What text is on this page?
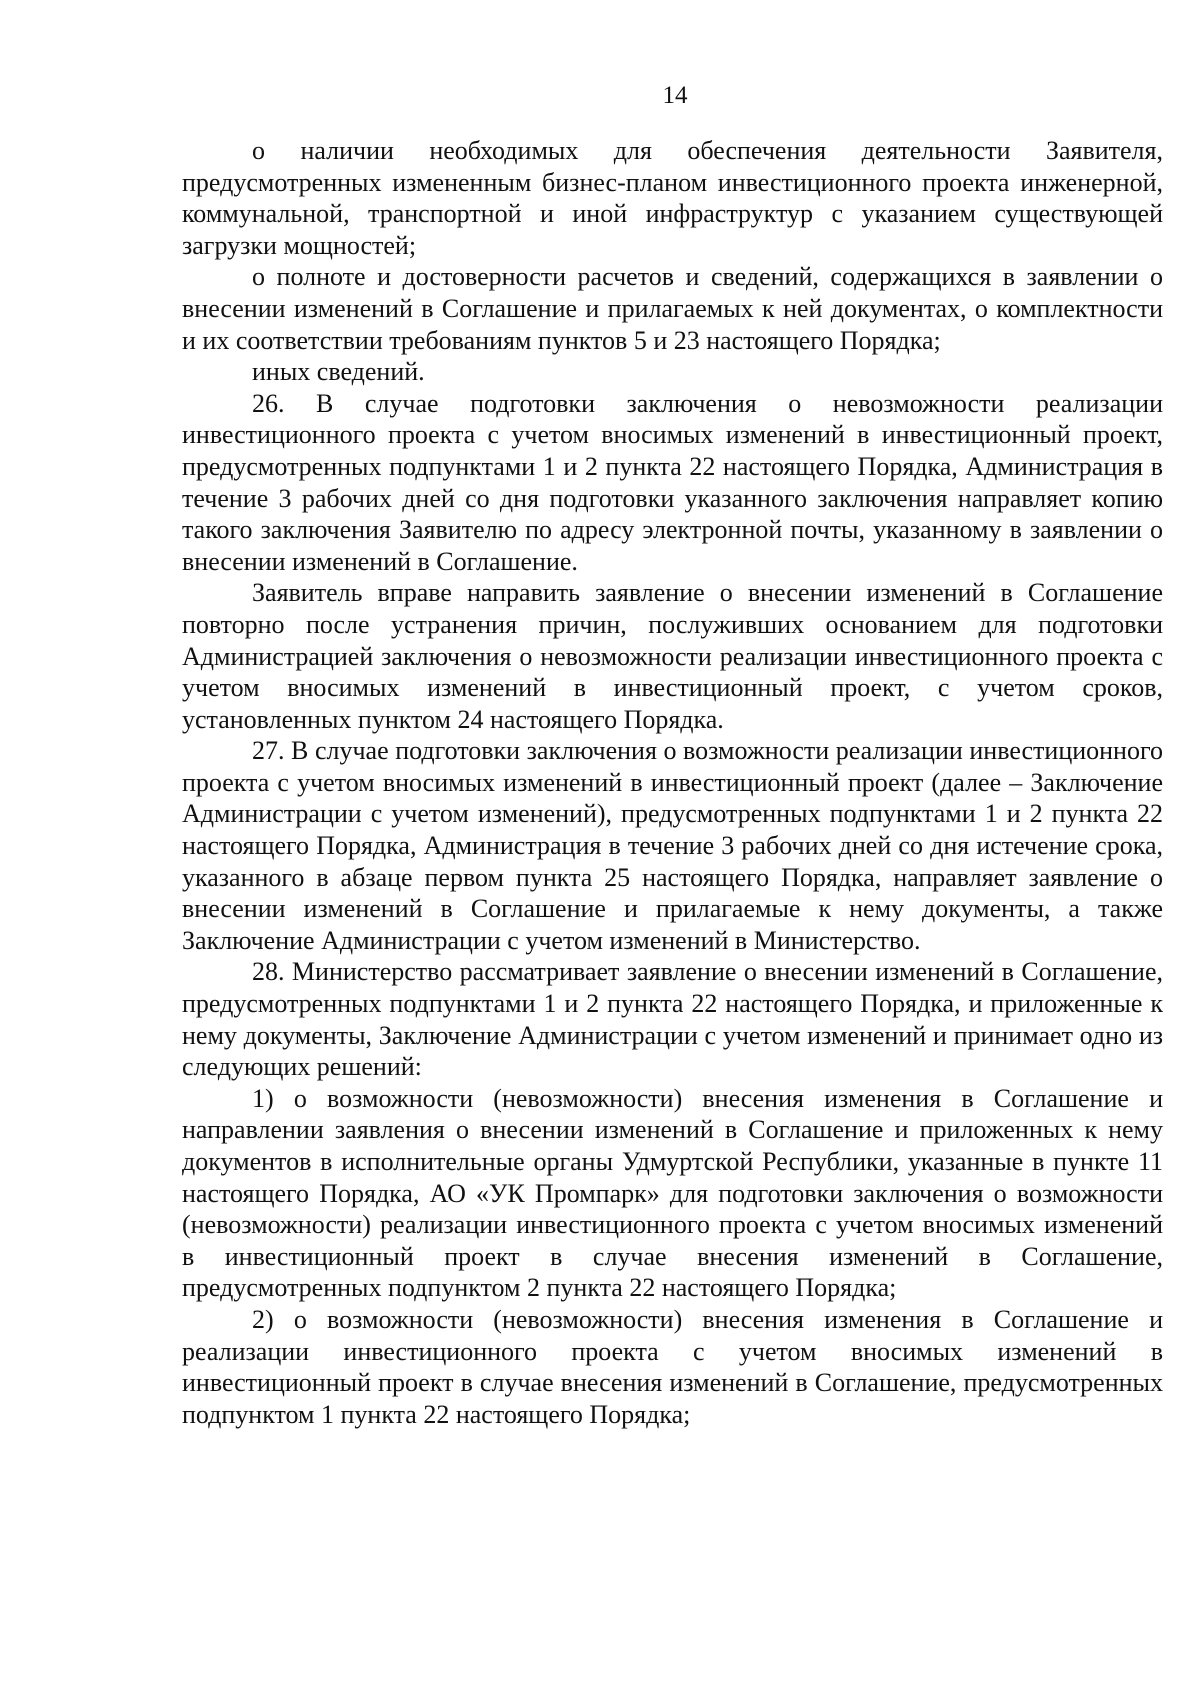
14

о наличии необходимых для обеспечения деятельности Заявителя, предусмотренных измененным бизнес-планом инвестиционного проекта инженерной, коммунальной, транспортной и иной инфраструктур с указанием существующей загрузки мощностей;

о полноте и достоверности расчетов и сведений, содержащихся в заявлении о внесении изменений в Соглашение и прилагаемых к ней документах, о комплектности и их соответствии требованиям пунктов 5 и 23 настоящего Порядка;

иных сведений.

26. В случае подготовки заключения о невозможности реализации инвестиционного проекта с учетом вносимых изменений в инвестиционный проект, предусмотренных подпунктами 1 и 2 пункта 22 настоящего Порядка, Администрация в течение 3 рабочих дней со дня подготовки указанного заключения направляет копию такого заключения Заявителю по адресу электронной почты, указанному в заявлении о внесении изменений в Соглашение.

Заявитель вправе направить заявление о внесении изменений в Соглашение повторно после устранения причин, послуживших основанием для подготовки Администрацией заключения о невозможности реализации инвестиционного проекта с учетом вносимых изменений в инвестиционный проект, с учетом сроков, установленных пунктом 24 настоящего Порядка.

27. В случае подготовки заключения о возможности реализации инвестиционного проекта с учетом вносимых изменений в инвестиционный проект (далее – Заключение Администрации с учетом изменений), предусмотренных подпунктами 1 и 2 пункта 22 настоящего Порядка, Администрация в течение 3 рабочих дней со дня истечение срока, указанного в абзаце первом пункта 25 настоящего Порядка, направляет заявление о внесении изменений в Соглашение и прилагаемые к нему документы, а также Заключение Администрации с учетом изменений в Министерство.

28. Министерство рассматривает заявление о внесении изменений в Соглашение, предусмотренных подпунктами 1 и 2 пункта 22 настоящего Порядка, и приложенные к нему документы, Заключение Администрации с учетом изменений и принимает одно из следующих решений:

1) о возможности (невозможности) внесения изменения в Соглашение и направлении заявления о внесении изменений в Соглашение и приложенных к нему документов в исполнительные органы Удмуртской Республики, указанные в пункте 11 настоящего Порядка, АО «УК Промпарк» для подготовки заключения о возможности (невозможности) реализации инвестиционного проекта с учетом вносимых изменений в инвестиционный проект в случае внесения изменений в Соглашение, предусмотренных подпунктом 2 пункта 22 настоящего Порядка;

2) о возможности (невозможности) внесения изменения в Соглашение и реализации инвестиционного проекта с учетом вносимых изменений в инвестиционный проект в случае внесения изменений в Соглашение, предусмотренных подпунктом 1 пункта 22 настоящего Порядка;
